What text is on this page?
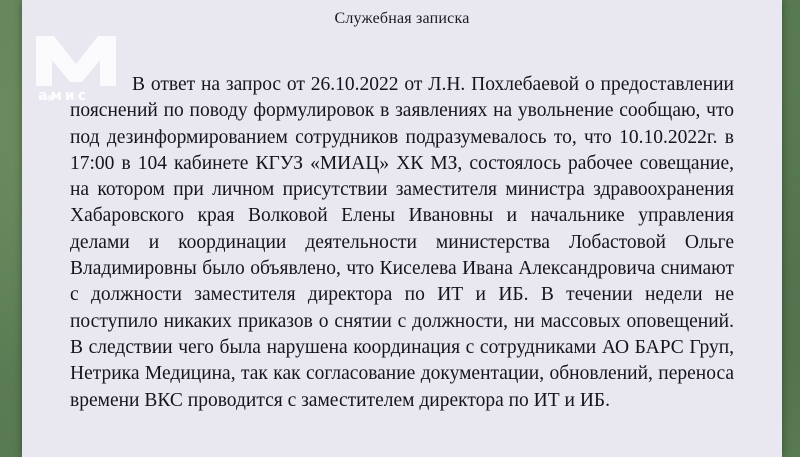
Служебная записка
В ответ на запрос от 26.10.2022 от Л.Н. Похлебаевой о предоставлении пояснений по поводу формулировок в заявлениях на увольнение сообщаю, что под дезинформированием сотрудников подразумевалось то, что 10.10.2022г. в 17:00 в 104 кабинете КГУЗ «МИАЦ» ХК МЗ, состоялось рабочее совещание, на котором при личном присутствии заместителя министра здравоохранения Хабаровского края Волковой Елены Ивановны и начальнике управления делами и координации деятельности министерства Лобастовой Ольге Владимировны было объявлено, что Киселева Ивана Александровича снимают с должности заместителя директора по ИТ и ИБ. В течении недели не поступило никаких приказов о снятии с должности, ни массовых оповещений. В следствии чего была нарушена координация с сотрудниками АО БАРС Груп, Нетрика Медицина, так как согласование документации, обновлений, переноса времени ВКС проводится с заместителем директора по ИТ и ИБ.
амис
